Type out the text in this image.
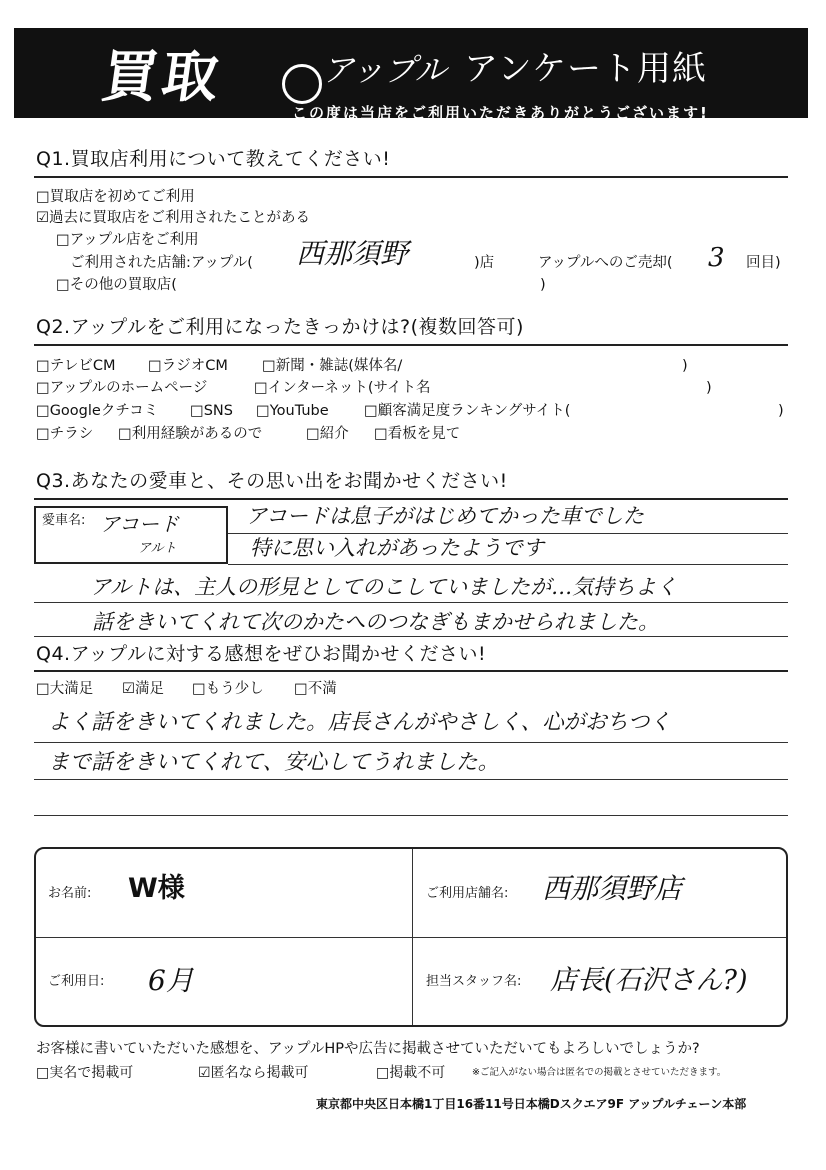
買取	アップル アンケート用紙
この度は当店をご利用いただきありがとうございます!
Q1.買取店利用について教えてください!
□買取店を初めてご利用
☑過去に買取店をご利用されたことがある
□アップル店をご利用
ご利用された店舗:アップル( 西那須野	)店	アップルへのご売却( 3 回目)
□その他の買取店(	)
Q2.アップルをご利用になったきっかけは?(複数回答可)
□テレビCM □ラジオCM □新聞・雑誌(媒体名/	)
□アップルのホームページ	□インターネット(サイト名	)
□Googleクチコミ □SNS □YouTube □顧客満足度ランキングサイト(	)
□チラシ □利用経験があるので	□紹介 □看板を見て
Q3.あなたの愛車と、その思い出をお聞かせください!
愛車名: アコード
アルト
アコードは息子がはじめてかった車でした
特に思い入れがあったようです
アルトは、主人の形見としてのこしていましたが…気持ちよく
話をきいてくれて次のかたへのつなぎもまかせられました。
Q4.アップルに対する感想をぜひお聞かせください!
□大満足 ☑満足 □もう少し □不満
よく話をきいてくれました。店長さんがやさしく、心がおちつく
まで話をきいてくれて、安心してうれました。
お名前: W様	ご利用店舗名: 西那須野店
ご利用日: 6月	担当スタッフ名: 店長(石沢さん?)
お客様に書いていただいた感想を、アップルHPや広告に掲載させていただいてもよろしいでしょうか?
□実名で掲載可	☑匿名なら掲載可	□掲載不可	※ご記入がない場合は匿名での掲載とさせていただきます。
東京都中央区日本橋1丁目16番11号日本橋Dスクエア9F アップルチェーン本部
